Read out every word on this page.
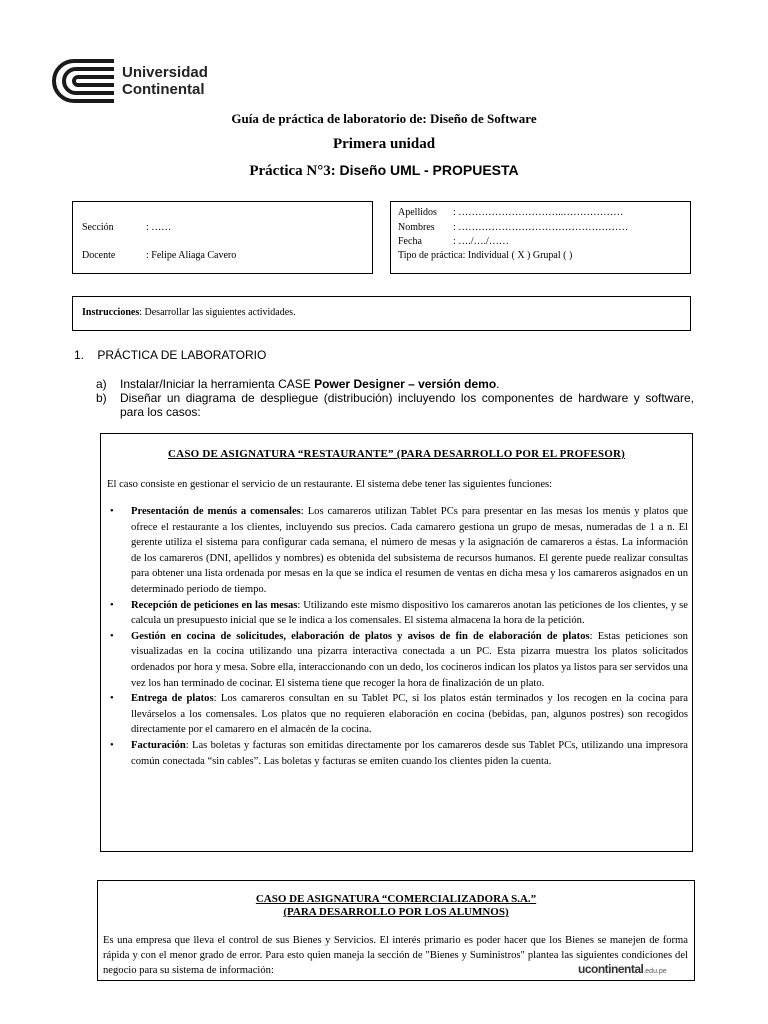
Universidad
Continental
Guía de práctica de laboratorio de: Diseño de Software
Primera unidad
Práctica N°3: Diseño UML - PROPUESTA
Sección	: ……
Docente	: Felipe Aliaga Cavero
Apellidos : …………………………..………………
Nombres : ……………………………………………
Fecha	: …./…./……
Tipo de práctica: Individual ( X ) Grupal ( )
Instrucciones: Desarrollar las siguientes actividades.
1. PRÁCTICA DE LABORATORIO
a) Instalar/Iniciar la herramienta CASE Power Designer – versión demo.
b) Diseñar un diagrama de despliegue (distribución) incluyendo los componentes de hardware y software, para los casos:
CASO DE ASIGNATURA “RESTAURANTE” (PARA DESARROLLO POR EL PROFESOR)
El caso consiste en gestionar el servicio de un restaurante. El sistema debe tener las siguientes funciones:
• Presentación de menús a comensales: Los camareros utilizan Tablet PCs para presentar en las mesas los menús y platos que ofrece el restaurante a los clientes, incluyendo sus precios. Cada camarero gestiona un grupo de mesas, numeradas de 1 a n. El gerente utiliza el sistema para configurar cada semana, el número de mesas y la asignación de camareros a éstas. La información de los camareros (DNI, apellidos y nombres) es obtenida del subsistema de recursos humanos. El gerente puede realizar consultas para obtener una lista ordenada por mesas en la que se indica el resumen de ventas en dicha mesa y los camareros asignados en un determinado periodo de tiempo.
• Recepción de peticiones en las mesas: Utilizando este mismo dispositivo los camareros anotan las peticiones de los clientes, y se calcula un presupuesto inicial que se le indica a los comensales. El sistema almacena la hora de la petición.
• Gestión en cocina de solicitudes, elaboración de platos y avisos de fin de elaboración de platos: Estas peticiones son visualizadas en la cocina utilizando una pizarra interactiva conectada a un PC. Esta pizarra muestra los platos solicitados ordenados por hora y mesa. Sobre ella, interaccionando con un dedo, los cocineros indican los platos ya listos para ser servidos una vez los han terminado de cocinar. El sistema tiene que recoger la hora de finalización de un plato.
• Entrega de platos: Los camareros consultan en su Tablet PC, si los platos están terminados y los recogen en la cocina para llevárselos a los comensales. Los platos que no requieren elaboración en cocina (bebidas, pan, algunos postres) son recogidos directamente por el camarero en el almacén de la cocina.
• Facturación: Las boletas y facturas son emitidas directamente por los camareros desde sus Tablet PCs, utilizando una impresora común conectada “sin cables”. Las boletas y facturas se emiten cuando los clientes piden la cuenta.
CASO DE ASIGNATURA “COMERCIALIZADORA S.A.”
(PARA DESARROLLO POR LOS ALUMNOS)
Es una empresa que lleva el control de sus Bienes y Servicios. El interés primario es poder hacer que los Bienes se manejen de forma rápida y con el menor grado de error. Para esto quien maneja la sección de "Bienes y Suministros" plantea las siguientes condiciones del negocio para su sistema de información:	ucontinental.edu.pe
